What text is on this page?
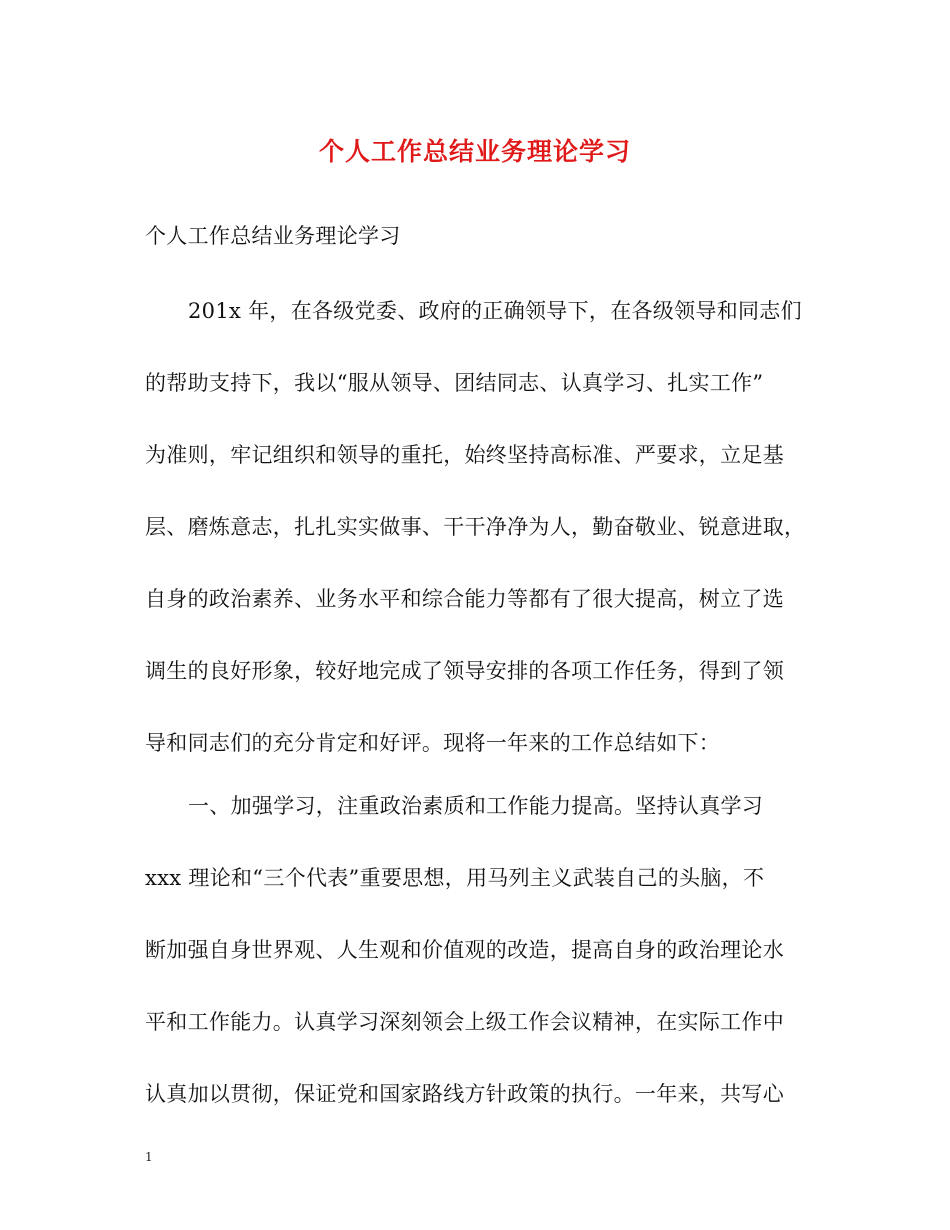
个人工作总结业务理论学习
个人工作总结业务理论学习
201x 年，在各级党委、政府的正确领导下，在各级领导和同志们
的帮助支持下，我以“服从领导、团结同志、认真学习、扎实工作”
为准则，牢记组织和领导的重托，始终坚持高标准、严要求，立足基
层、磨炼意志，扎扎实实做事、干干净净为人，勤奋敬业、锐意进取，
自身的政治素养、业务水平和综合能力等都有了很大提高，树立了选
调生的良好形象，较好地完成了领导安排的各项工作任务，得到了领
导和同志们的充分肯定和好评。现将一年来的工作总结如下：
一、加强学习，注重政治素质和工作能力提高。坚持认真学习
xxx 理论和“三个代表”重要思想，用马列主义武装自己的头脑，不
断加强自身世界观、人生观和价值观的改造，提高自身的政治理论水
平和工作能力。认真学习深刻领会上级工作会议精神，在实际工作中
认真加以贯彻，保证党和国家路线方针政策的执行。一年来，共写心
1
